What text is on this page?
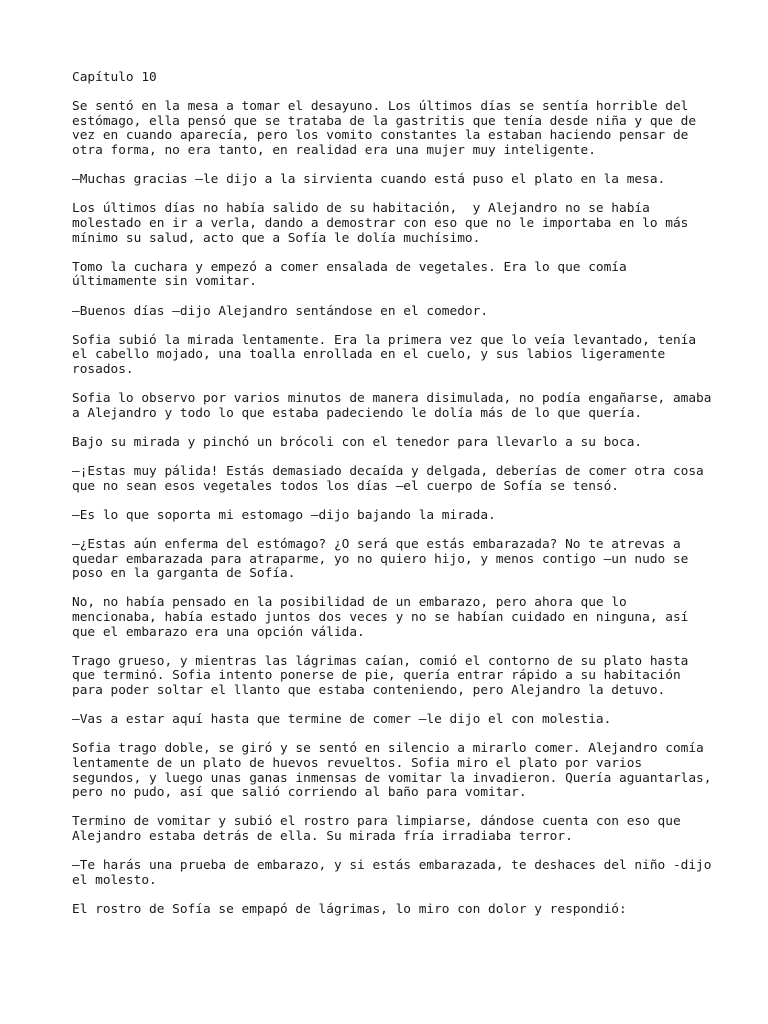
Capítulo 10
Se sentó en la mesa a tomar el desayuno. Los últimos días se sentía horrible del
estómago, ella pensó que se trataba de la gastritis que tenía desde niña y que de
vez en cuando aparecía, pero los vomito constantes la estaban haciendo pensar de
otra forma, no era tanto, en realidad era una mujer muy inteligente.
—Muchas gracias —le dijo a la sirvienta cuando está puso el plato en la mesa.
Los últimos días no había salido de su habitación,  y Alejandro no se había
molestado en ir a verla, dando a demostrar con eso que no le importaba en lo más
mínimo su salud, acto que a Sofía le dolía muchísimo.
Tomo la cuchara y empezó a comer ensalada de vegetales. Era lo que comía
últimamente sin vomitar.
—Buenos días —dijo Alejandro sentándose en el comedor.
Sofia subió la mirada lentamente. Era la primera vez que lo veía levantado, tenía
el cabello mojado, una toalla enrollada en el cuelo, y sus labios ligeramente
rosados.
Sofia lo observo por varios minutos de manera disimulada, no podía engañarse, amaba
a Alejandro y todo lo que estaba padeciendo le dolía más de lo que quería.
Bajo su mirada y pinchó un brócoli con el tenedor para llevarlo a su boca.
—¡Estas muy pálida! Estás demasiado decaída y delgada, deberías de comer otra cosa
que no sean esos vegetales todos los días —el cuerpo de Sofía se tensó.
—Es lo que soporta mi estomago —dijo bajando la mirada.
—¿Estas aún enferma del estómago? ¿O será que estás embarazada? No te atrevas a
quedar embarazada para atraparme, yo no quiero hijo, y menos contigo —un nudo se
poso en la garganta de Sofía.
No, no había pensado en la posibilidad de un embarazo, pero ahora que lo
mencionaba, había estado juntos dos veces y no se habían cuidado en ninguna, así
que el embarazo era una opción válida.
Trago grueso, y mientras las lágrimas caían, comió el contorno de su plato hasta
que terminó. Sofia intento ponerse de pie, quería entrar rápido a su habitación
para poder soltar el llanto que estaba conteniendo, pero Alejandro la detuvo.
—Vas a estar aquí hasta que termine de comer —le dijo el con molestia.
Sofia trago doble, se giró y se sentó en silencio a mirarlo comer. Alejandro comía
lentamente de un plato de huevos revueltos. Sofia miro el plato por varios
segundos, y luego unas ganas inmensas de vomitar la invadieron. Quería aguantarlas,
pero no pudo, así que salió corriendo al baño para vomitar.
Termino de vomitar y subió el rostro para limpiarse, dándose cuenta con eso que
Alejandro estaba detrás de ella. Su mirada fría irradiaba terror.
—Te harás una prueba de embarazo, y si estás embarazada, te deshaces del niño -dijo
el molesto.
El rostro de Sofía se empapó de lágrimas, lo miro con dolor y respondió:
